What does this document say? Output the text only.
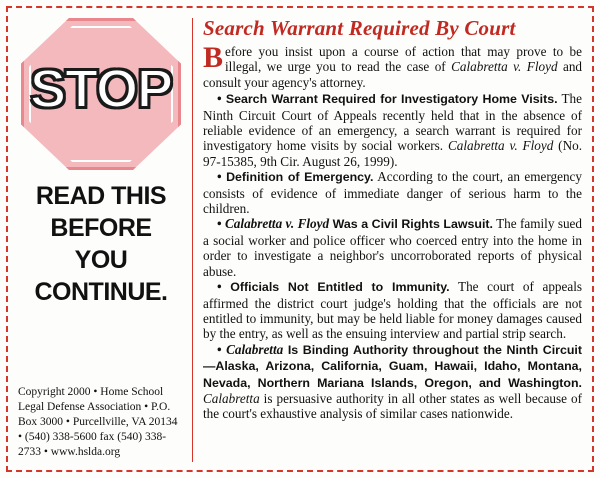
STOP
READ THIS
BEFORE
YOU
CONTINUE.
Copyright 2000 • Home School Legal Defense Association • P.O. Box 3000 • Purcellville, VA 20134 • (540) 338-5600 fax (540) 338-2733 • www.hslda.org
Search Warrant Required By Court

Before you insist upon a course of action that may prove to be illegal, we urge you to read the case of Calabretta v. Floyd and consult your agency's attorney.

• Search Warrant Required for Investigatory Home Visits. The Ninth Circuit Court of Appeals recently held that in the absence of reliable evidence of an emergency, a search warrant is required for investigatory home visits by social workers. Calabretta v. Floyd (No. 97-15385, 9th Cir. August 26, 1999).

• Definition of Emergency. According to the court, an emergency consists of evidence of immediate danger of serious harm to the children.

• Calabretta v. Floyd Was a Civil Rights Lawsuit. The family sued a social worker and police officer who coerced entry into the home in order to investigate a neighbor's uncorroborated reports of physical abuse.

• Officials Not Entitled to Immunity. The court of appeals affirmed the district court judge's holding that the officials are not entitled to immunity, but may be held liable for money damages caused by the entry, as well as the ensuing interview and partial strip search.

• Calabretta Is Binding Authority throughout the Ninth Circuit—Alaska, Arizona, California, Guam, Hawaii, Idaho, Montana, Nevada, Northern Mariana Islands, Oregon, and Washington. Calabretta is persuasive authority in all other states as well because of the court's exhaustive analysis of similar cases nationwide.
